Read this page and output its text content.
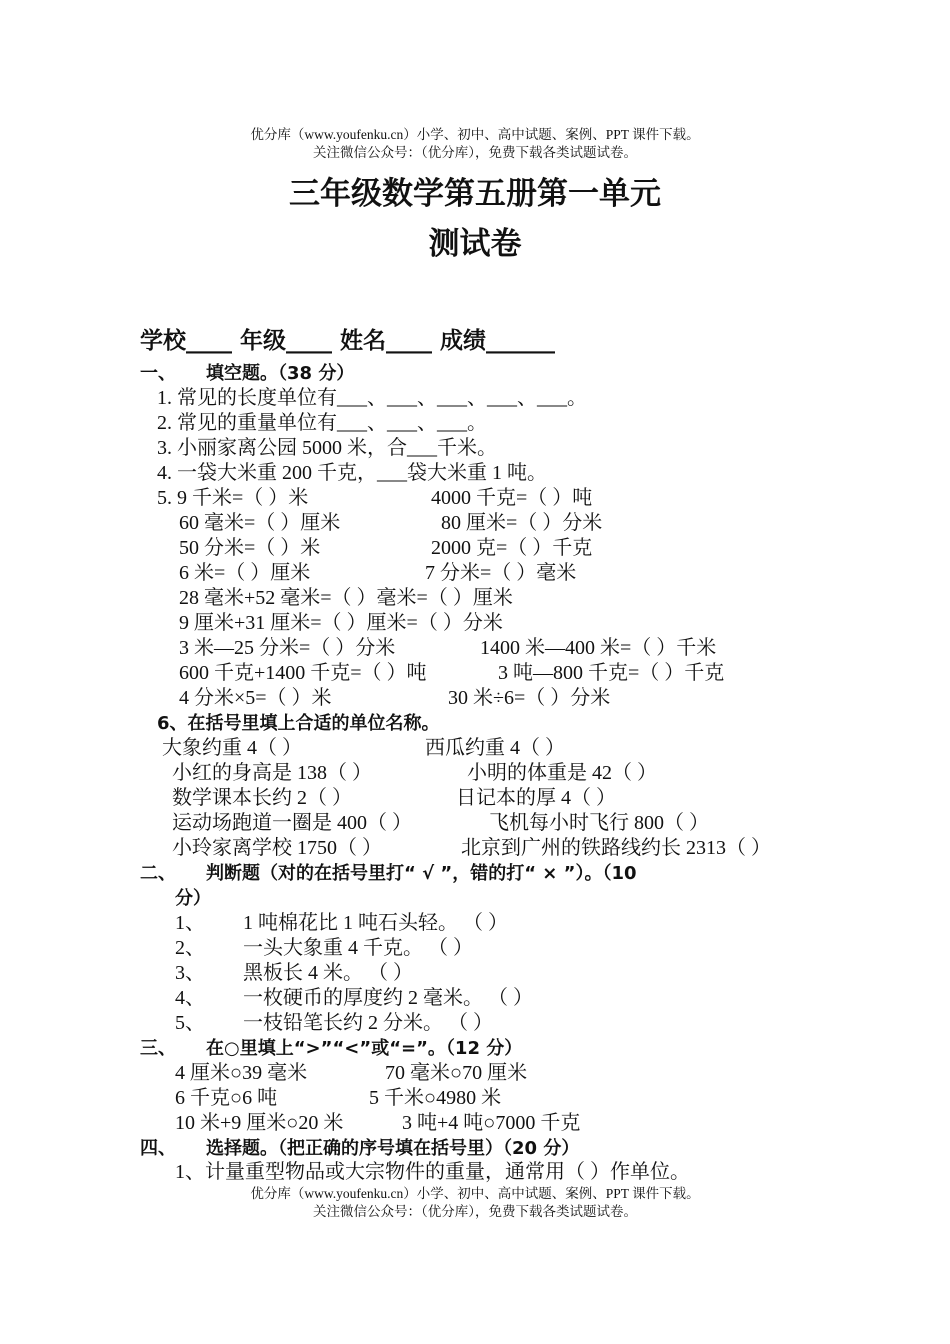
优分库（www.youfenku.cn）小学、初中、高中试题、案例、PPT 课件下载。
关注微信公众号：（优分库），免费下载各类试题试卷。
三年级数学第五册第一单元
测试卷
学校____ 年级____ 姓名____ 成绩______
一、 填空题。（38 分）
1. 常见的长度单位有___、___、___、___、___。
2. 常见的重量单位有___、___、___。
3. 小丽家离公园 5000 米，合___千米。
4. 一袋大米重 200 千克，___袋大米重 1 吨。
5. 9 千米=（ ）米	4000 千克=（ ）吨
60 毫米=（ ）厘米	80 厘米=（ ）分米
50 分米=（ ）米	2000 克=（ ）千克
6 米=（ ）厘米	7 分米=（ ）毫米
28 毫米+52 毫米=（ ）毫米=（ ）厘米
9 厘米+31 厘米=（ ）厘米=（ ）分米
3 米—25 分米=（ ）分米	1400 米—400 米=（ ）千米
600 千克+1400 千克=（ ）吨	3 吨—800 千克=（ ）千克
4 分米×5=（ ）米	30 米÷6=（ ）分米
6、在括号里填上合适的单位名称。
大象约重 4（ ）	西瓜约重 4（ ）
小红的身高是 138（ ）	小明的体重是 42（ ）
数学课本长约 2（ ）	日记本的厚 4（ ）
运动场跑道一圈是 400（ ）	飞机每小时飞行 800（ ）
小玲家离学校 1750（ ）	北京到广州的铁路线约长 2313（ ）
二、 判断题（对的在括号里打“ √ ”，错的打“ × ”）。（10
分）
1、 1 吨棉花比 1 吨石头轻。 （ ）
2、 一头大象重 4 千克。 （ ）
3、 黑板长 4 米。 （ ）
4、 一枚硬币的厚度约 2 毫米。 （ ）
5、 一枝铅笔长约 2 分米。 （ ）
三、 在○里填上“>”“<”或“=”。（12 分）
4 厘米○39 毫米	70 毫米○70 厘米
6 千克○6 吨	5 千米○4980 米
10 米+9 厘米○20 米	3 吨+4 吨○7000 千克
四、 选择题。（把正确的序号填在括号里）（20 分）
1、计量重型物品或大宗物件的重量，通常用（ ）作单位。
优分库（www.youfenku.cn）小学、初中、高中试题、案例、PPT 课件下载。
关注微信公众号：（优分库），免费下载各类试题试卷。
